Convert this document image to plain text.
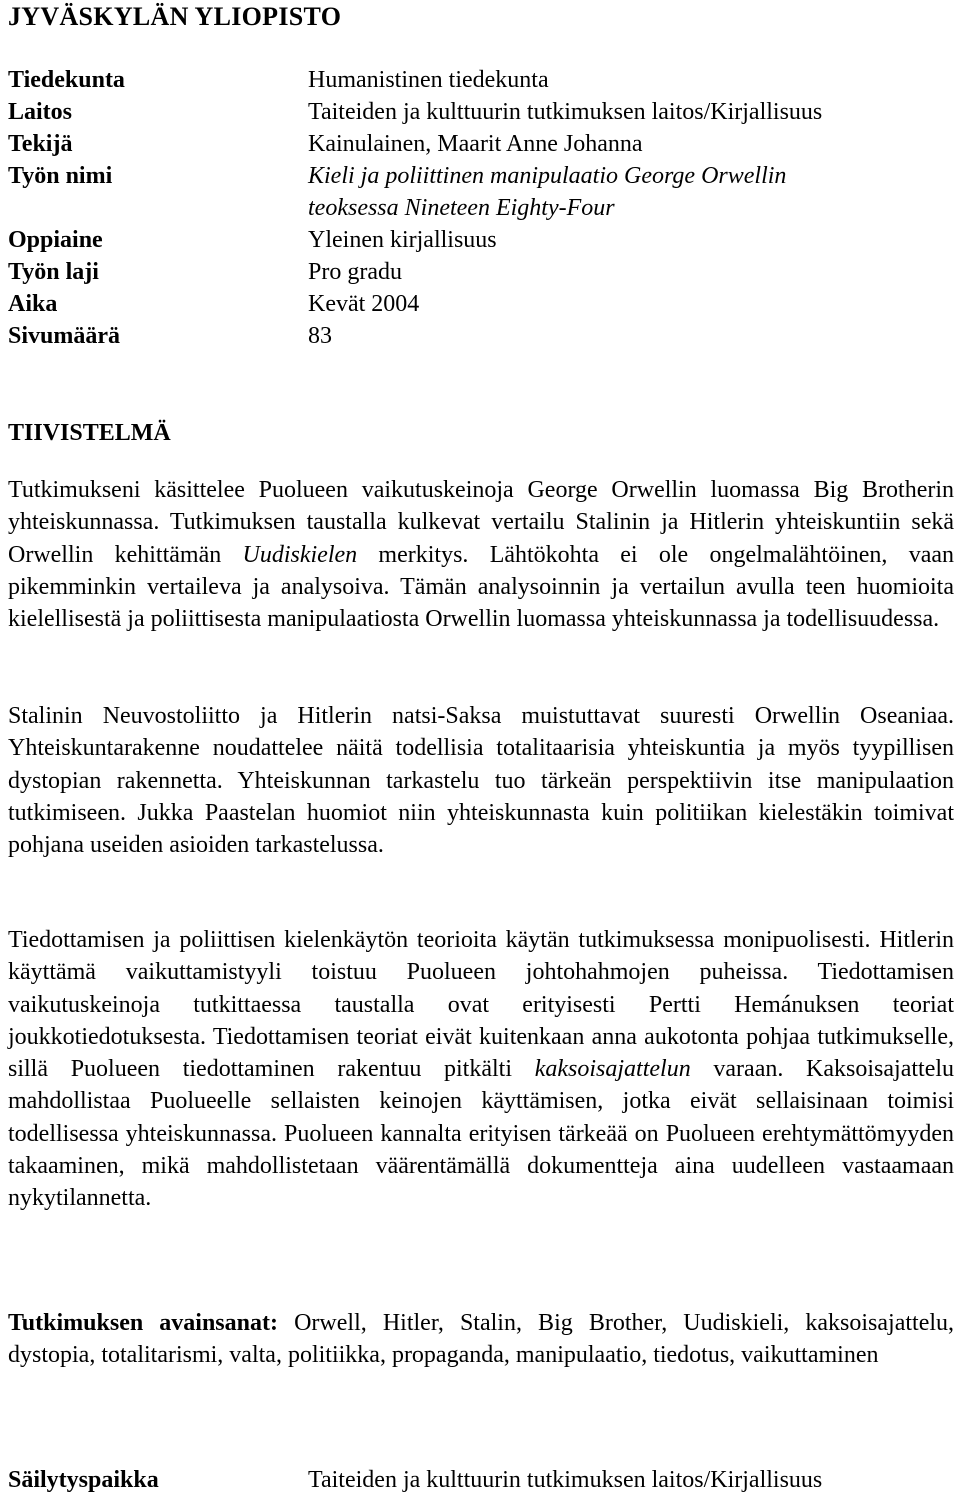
JYVÄSKYLÄN YLIOPISTO
Tiedekunta	Humanistinen tiedekunta
Laitos	Taiteiden ja kulttuurin tutkimuksen laitos/Kirjallisuus
Tekijä	Kainulainen, Maarit Anne Johanna
Työn nimi	Kieli ja poliittinen manipulaatio George Orwellin
teoksessa Nineteen Eighty-Four
Oppiaine	Yleinen kirjallisuus
Työn laji	Pro gradu
Aika	Kevät 2004
Sivumäärä	83
TIIVISTELMÄ
Tutkimukseni käsittelee Puolueen vaikutuskeinoja George Orwellin luomassa Big Brotherin yhteiskunnassa. Tutkimuksen taustalla kulkevat vertailu Stalinin ja Hitlerin yhteiskuntiin sekä Orwellin kehittämän Uudiskielen merkitys. Lähtökohta ei ole ongelmalähtöinen, vaan pikemminkin vertaileva ja analysoiva. Tämän analysoinnin ja vertailun avulla teen huomioita kielellisestä ja poliittisesta manipulaatiosta Orwellin luomassa yhteiskunnassa ja todellisuudessa.
Stalinin Neuvostoliitto ja Hitlerin natsi-Saksa muistuttavat suuresti Orwellin Oseaniaa. Yhteiskuntarakenne noudattelee näitä todellisia totalitaarisia yhteiskuntia ja myös tyypillisen dystopian rakennetta. Yhteiskunnan tarkastelu tuo tärkeän perspektiivin itse manipulaation tutkimiseen. Jukka Paastelan huomiot niin yhteiskunnasta kuin politiikan kielestäkin toimivat pohjana useiden asioiden tarkastelussa.
Tiedottamisen ja poliittisen kielenkäytön teorioita käytän tutkimuksessa monipuolisesti. Hitlerin käyttämä vaikuttamistyyli toistuu Puolueen johtohahmojen puheissa. Tiedottamisen vaikutuskeinoja tutkittaessa taustalla ovat erityisesti Pertti Hemánuksen teoriat joukkotiedotuksesta. Tiedottamisen teoriat eivät kuitenkaan anna aukotonta pohjaa tutkimukselle, sillä Puolueen tiedottaminen rakentuu pitkälti kaksoisajattelun varaan. Kaksoisajattelu mahdollistaa Puolueelle sellaisten keinojen käyttämisen, jotka eivät sellaisinaan toimisi todellisessa yhteiskunnassa. Puolueen kannalta erityisen tärkeää on Puolueen erehtymättömyyden takaaminen, mikä mahdollistetaan väärentämällä dokumentteja aina uudelleen vastaamaan nykytilannetta.
Tutkimuksen avainsanat: Orwell, Hitler, Stalin, Big Brother, Uudiskieli, kaksoisajattelu, dystopia, totalitarismi, valta, politiikka, propaganda, manipulaatio, tiedotus, vaikuttaminen
Säilytyspaikka	Taiteiden ja kulttuurin tutkimuksen laitos/Kirjallisuus
